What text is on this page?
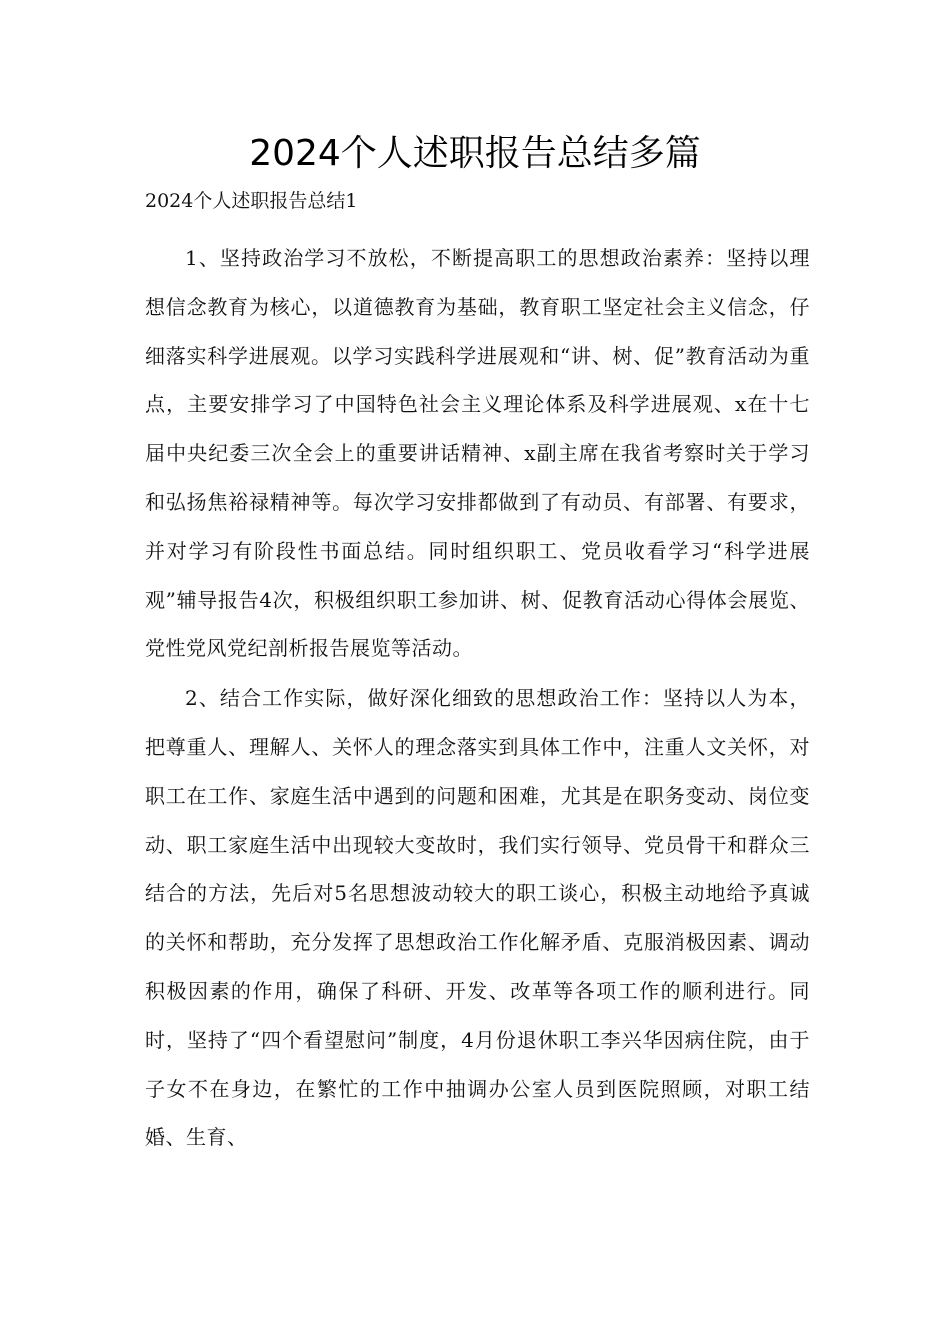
2024个人述职报告总结多篇

2024个人述职报告总结1

1、坚持政治学习不放松，不断提高职工的思想政治素养：坚持以理想信念教育为核心，以道德教育为基础，教育职工坚定社会主义信念，仔细落实科学进展观。以学习实践科学进展观和“讲、树、促”教育活动为重点，主要安排学习了中国特色社会主义理论体系及科学进展观、x在十七届中央纪委三次全会上的重要讲话精神、x副主席在我省考察时关于学习和弘扬焦裕禄精神等。每次学习安排都做到了有动员、有部署、有要求，并对学习有阶段性书面总结。同时组织职工、党员收看学习“科学进展观”辅导报告4次，积极组织职工参加讲、树、促教育活动心得体会展览、党性党风党纪剖析报告展览等活动。

2、结合工作实际，做好深化细致的思想政治工作：坚持以人为本，把尊重人、理解人、关怀人的理念落实到具体工作中，注重人文关怀，对职工在工作、家庭生活中遇到的问题和困难，尤其是在职务变动、岗位变动、职工家庭生活中出现较大变故时，我们实行领导、党员骨干和群众三结合的方法，先后对5名思想波动较大的职工谈心，积极主动地给予真诚的关怀和帮助，充分发挥了思想政治工作化解矛盾、克服消极因素、调动积极因素的作用，确保了科研、开发、改革等各项工作的顺利进行。同时，坚持了“四个看望慰问”制度，4月份退休职工李兴华因病住院，由于子女不在身边，在繁忙的工作中抽调办公室人员到医院照顾，对职工结婚、生育、
